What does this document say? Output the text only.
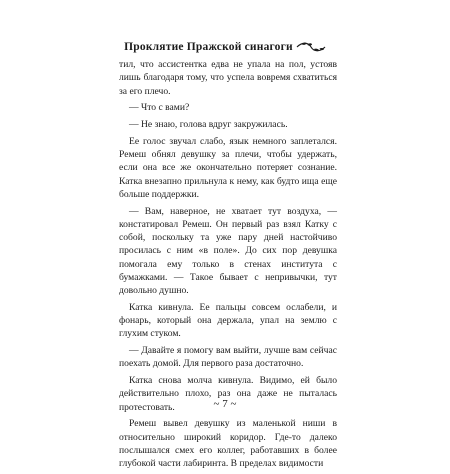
Проклятие Пражской синагоги

тил, что ассистентка едва не упала на пол, устояв лишь благодаря тому, что успела вовремя схватиться за его плечо.

— Что с вами?

— Не знаю, голова вдруг закружилась.

Ее голос звучал слабо, язык немного заплетался. Ремеш обнял девушку за плечи, чтобы удержать, если она все же окончательно потеряет сознание. Катка внезапно прильнула к нему, как будто ища еще больше поддержки.

— Вам, наверное, не хватает тут воздуха, — констатировал Ремеш. Он первый раз взял Катку с собой, поскольку та уже пару дней настойчиво просилась с ним «в поле». До сих пор девушка помогала ему только в стенах института с бумажками. — Такое бывает с непривычки, тут довольно душно.

Катка кивнула. Ее пальцы совсем ослабели, и фонарь, который она держала, упал на землю с глухим стуком.

— Давайте я помогу вам выйти, лучше вам сейчас поехать домой. Для первого раза достаточно.

Катка снова молча кивнула. Видимо, ей было действительно плохо, раз она даже не пыталась протестовать.

Ремеш вывел девушку из маленькой ниши в относительно широкий коридор. Где-то далеко послышался смех его коллег, работавших в более глубокой части лабиринта. В пределах видимости

~ 7 ~
